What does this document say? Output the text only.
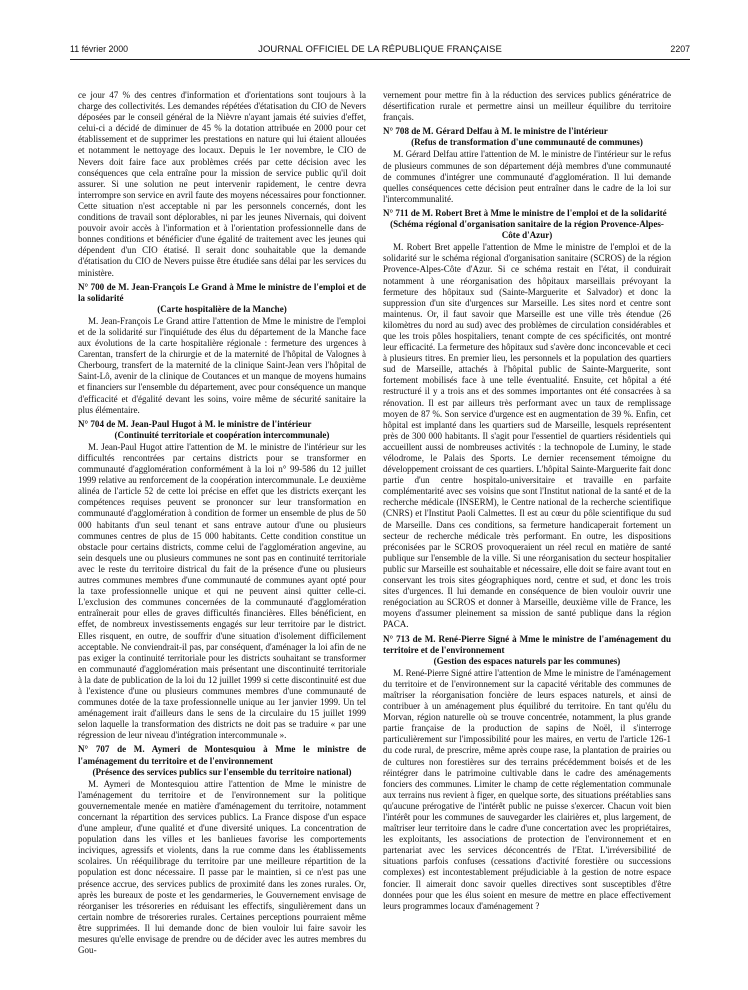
11 février 2000	JOURNAL OFFICIEL DE LA RÉPUBLIQUE FRANÇAISE	2207

ce jour 47 % des centres d'information et d'orientations sont toujours à la charge des collectivités. Les demandes répétées d'étatisation du CIO de Nevers déposées par le conseil général de la Nièvre n'ayant jamais été suivies d'effet, celui-ci a décidé de diminuer de 45 % la dotation attribuée en 2000 pour cet établissement et de supprimer les prestations en nature qui lui étaient allouées et notamment le nettoyage des locaux. Depuis le 1er novembre, le CIO de Nevers doit faire face aux problèmes créés par cette décision avec les conséquences que cela entraîne pour la mission de service public qu'il doit assurer. Si une solution ne peut intervenir rapidement, le centre devra interrompre son service en avril faute des moyens nécessaires pour fonctionner. Cette situation n'est acceptable ni par les personnels concernés, dont les conditions de travail sont déplorables, ni par les jeunes Nivernais, qui doivent pouvoir avoir accès à l'information et à l'orientation professionnelle dans de bonnes conditions et bénéficier d'une égalité de traitement avec les jeunes qui dépendent d'un CIO étatisé. Il serait donc souhaitable que la demande d'étatisation du CIO de Nevers puisse être étudiée sans délai par les services du ministère.

N° 700 de M. Jean-François Le Grand à Mme le ministre de l'emploi et de la solidarité
(Carte hospitalière de la Manche)

M. Jean-François Le Grand attire l'attention de Mme le ministre de l'emploi et de la solidarité sur l'inquiétude des élus du département de la Manche face aux évolutions de la carte hospitalière régionale : fermeture des urgences à Carentan, transfert de la chirurgie et de la maternité de l'hôpital de Valognes à Cherbourg, transfert de la maternité de la clinique Saint-Jean vers l'hôpital de Saint-Lô, avenir de la clinique de Coutances et un manque de moyens humains et financiers sur l'ensemble du département, avec pour conséquence un manque d'efficacité et d'égalité devant les soins, voire même de sécurité sanitaire la plus élémentaire.

N° 704 de M. Jean-Paul Hugot à M. le ministre de l'intérieur
(Continuité territoriale et coopération intercommunale)

M. Jean-Paul Hugot attire l'attention de M. le ministre de l'intérieur sur les difficultés rencontrées par certains districts pour se transformer en communauté d'agglomération conformément à la loi n° 99-586 du 12 juillet 1999 relative au renforcement de la coopération intercommunale. Le deuxième alinéa de l'article 52 de cette loi précise en effet que les districts exerçant les compétences requises peuvent se prononcer sur leur transformation en communauté d'agglomération à condition de former un ensemble de plus de 50 000 habitants d'un seul tenant et sans entrave autour d'une ou plusieurs communes centres de plus de 15 000 habitants. Cette condition constitue un obstacle pour certains districts, comme celui de l'agglomération angevine, au sein desquels une ou plusieurs communes ne sont pas en continuité territoriale avec le reste du territoire districal du fait de la présence d'une ou plusieurs autres communes membres d'une communauté de communes ayant opté pour la taxe professionnelle unique et qui ne peuvent ainsi quitter celle-ci. L'exclusion des communes concernées de la communauté d'agglomération entraînerait pour elles de graves difficultés financières. Elles bénéficient, en effet, de nombreux investissements engagés sur leur territoire par le district. Elles risquent, en outre, de souffrir d'une situation d'isolement difficilement acceptable. Ne conviendrait-il pas, par conséquent, d'aménager la loi afin de ne pas exiger la continuité territoriale pour les districts souhaitant se transformer en communauté d'agglomération mais présentant une discontinuité territoriale à la date de publication de la loi du 12 juillet 1999 si cette discontinuité est due à l'existence d'une ou plusieurs communes membres d'une communauté de communes dotée de la taxe professionnelle unique au 1er janvier 1999. Un tel aménagement irait d'ailleurs dans le sens de la circulaire du 15 juillet 1999 selon laquelle la transformation des districts ne doit pas se traduire « par une régression de leur niveau d'intégration intercommunale ».

N° 707 de M. Aymeri de Montesquiou à Mme le ministre de l'aménagement du territoire et de l'environnement
(Présence des services publics sur l'ensemble du territoire national)

M. Aymeri de Montesquiou attire l'attention de Mme le ministre de l'aménagement du territoire et de l'environnement sur la politique gouvernementale menée en matière d'aménagement du territoire, notamment concernant la répartition des services publics. La France dispose d'un espace d'une ampleur, d'une qualité et d'une diversité uniques. La concentration de population dans les villes et les banlieues favorise les comportements inciviques, agressifs et violents, dans la rue comme dans les établissements scolaires. Un rééquilibrage du territoire par une meilleure répartition de la population est donc nécessaire. Il passe par le maintien, si ce n'est pas une présence accrue, des services publics de proximité dans les zones rurales. Or, après les bureaux de poste et les gendarmeries, le Gouvernement envisage de réorganiser les trésoreries en réduisant les effectifs, singulièrement dans un certain nombre de trésoreries rurales. Certaines perceptions pourraient même être supprimées. Il lui demande donc de bien vouloir lui faire savoir les mesures qu'elle envisage de prendre ou de décider avec les autres membres du Gou-

vernement pour mettre fin à la réduction des services publics génératrice de désertification rurale et permettre ainsi un meilleur équilibre du territoire français.

N° 708 de M. Gérard Delfau à M. le ministre de l'intérieur
(Refus de transformation d'une communauté de communes)

M. Gérard Delfau attire l'attention de M. le ministre de l'intérieur sur le refus de plusieurs communes de son département déjà membres d'une communauté de communes d'intégrer une communauté d'agglomération. Il lui demande quelles conséquences cette décision peut entraîner dans le cadre de la loi sur l'intercommunalité.

N° 711 de M. Robert Bret à Mme le ministre de l'emploi et de la solidarité
(Schéma régional d'organisation sanitaire de la région Provence-Alpes-Côte d'Azur)

M. Robert Bret appelle l'attention de Mme le ministre de l'emploi et de la solidarité sur le schéma régional d'organisation sanitaire (SCROS) de la région Provence-Alpes-Côte d'Azur. Si ce schéma restait en l'état, il conduirait notamment à une réorganisation des hôpitaux marseillais prévoyant la fermeture des hôpitaux sud (Sainte-Marguerite et Salvador) et donc la suppression d'un site d'urgences sur Marseille. Les sites nord et centre sont maintenus. Or, il faut savoir que Marseille est une ville très étendue (26 kilomètres du nord au sud) avec des problèmes de circulation considérables et que les trois pôles hospitaliers, tenant compte de ces spécificités, ont montré leur efficacité. La fermeture des hôpitaux sud s'avère donc inconcevable et ceci à plusieurs titres. En premier lieu, les personnels et la population des quartiers sud de Marseille, attachés à l'hôpital public de Sainte-Marguerite, sont fortement mobilisés face à une telle éventualité. Ensuite, cet hôpital a été restructuré il y a trois ans et des sommes importantes ont été consacrées à sa rénovation. Il est par ailleurs très performant avec un taux de remplissage moyen de 87 %. Son service d'urgence est en augmentation de 39 %. Enfin, cet hôpital est implanté dans les quartiers sud de Marseille, lesquels représentent près de 300 000 habitants. Il s'agit pour l'essentiel de quartiers résidentiels qui accueillent aussi de nombreuses activités : la technopole de Luminy, le stade vélodrome, le Palais des Sports. Le dernier recensement témoigne du développement croissant de ces quartiers. L'hôpital Sainte-Marguerite fait donc partie d'un centre hospitalo-universitaire et travaille en parfaite complémentarité avec ses voisins que sont l'Institut national de la santé et de la recherche médicale (INSERM), le Centre national de la recherche scientifique (CNRS) et l'Institut Paoli Calmettes. Il est au cœur du pôle scientifique du sud de Marseille. Dans ces conditions, sa fermeture handicaperait fortement un secteur de recherche médicale très performant. En outre, les dispositions préconisées par le SCROS provoqueraient un réel recul en matière de santé publique sur l'ensemble de la ville. Si une réorganisation du secteur hospitalier public sur Marseille est souhaitable et nécessaire, elle doit se faire avant tout en conservant les trois sites géographiques nord, centre et sud, et donc les trois sites d'urgences. Il lui demande en conséquence de bien vouloir ouvrir une renégociation au SCROS et donner à Marseille, deuxième ville de France, les moyens d'assumer pleinement sa mission de santé publique dans la région PACA.

N° 713 de M. René-Pierre Signé à Mme le ministre de l'aménagement du territoire et de l'environnement
(Gestion des espaces naturels par les communes)

M. René-Pierre Signé attire l'attention de Mme le ministre de l'aménagement du territoire et de l'environnement sur la capacité véritable des communes de maîtriser la réorganisation foncière de leurs espaces naturels, et ainsi de contribuer à un aménagement plus équilibré du territoire. En tant qu'élu du Morvan, région naturelle où se trouve concentrée, notamment, la plus grande partie française de la production de sapins de Noël, il s'interroge particulièrement sur l'impossibilité pour les maires, en vertu de l'article 126-1 du code rural, de prescrire, même après coupe rase, la plantation de prairies ou de cultures non forestières sur des terrains précédemment boisés et de les réintégrer dans le patrimoine cultivable dans le cadre des aménagements fonciers des communes. Limiter le champ de cette réglementation communale aux terrains nus revient à figer, en quelque sorte, des situations préétablies sans qu'aucune prérogative de l'intérêt public ne puisse s'exercer. Chacun voit bien l'intérêt pour les communes de sauvegarder les clairières et, plus largement, de maîtriser leur territoire dans le cadre d'une concertation avec les propriétaires, les exploitants, les associations de protection de l'environnement et en partenariat avec les services déconcentrés de l'Etat. L'irréversibilité de situations parfois confuses (cessations d'activité forestière ou successions complexes) est incontestablement préjudiciable à la gestion de notre espace foncier. Il aimerait donc savoir quelles directives sont susceptibles d'être données pour que les élus soient en mesure de mettre en place effectivement leurs programmes locaux d'aménagement ?
